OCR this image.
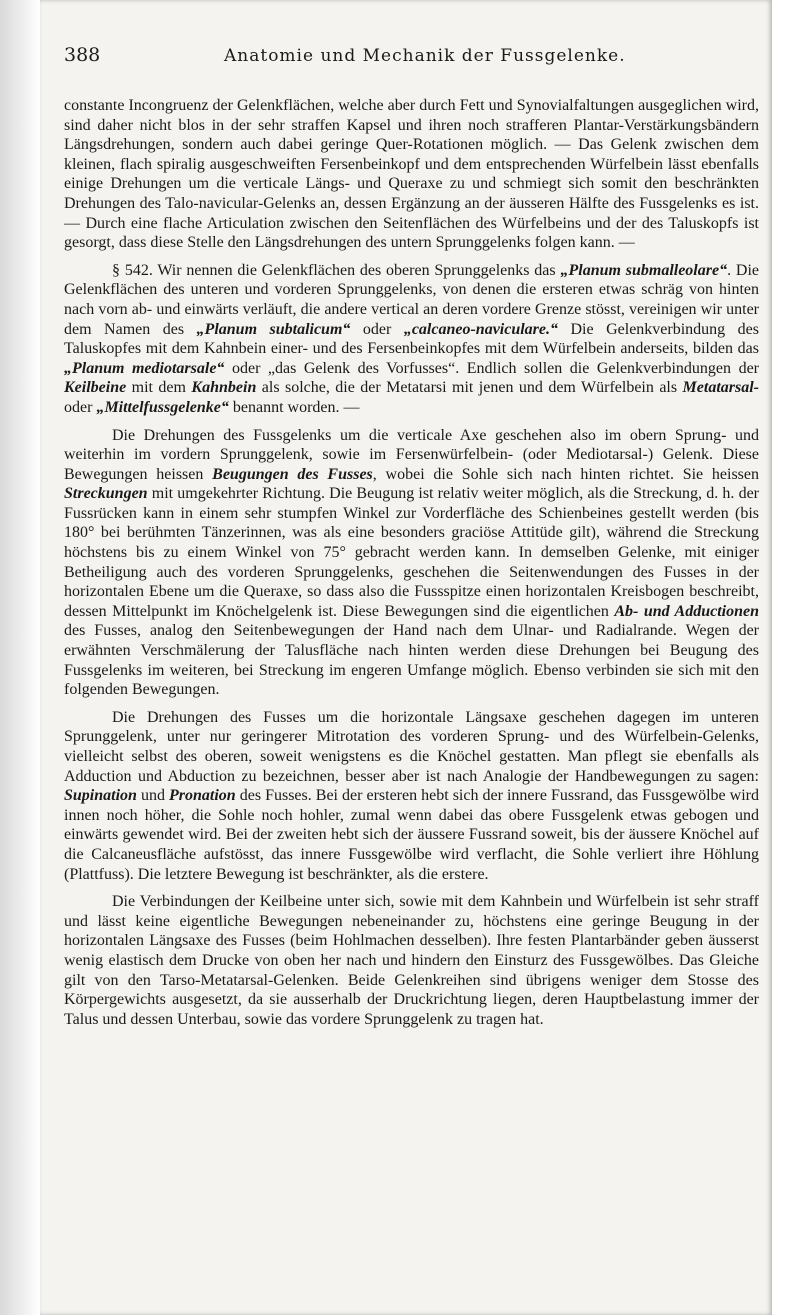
388	Anatomie und Mechanik der Fussgelenke.

constante Incongruenz der Gelenkflächen, welche aber durch Fett und Synovialfaltungen ausgeglichen wird, sind daher nicht blos in der sehr straffen Kapsel und ihren noch strafferen Plantar-Verstärkungsbändern Längsdrehungen, sondern auch dabei geringe Quer-Rotationen möglich. — Das Gelenk zwischen dem kleinen, flach spiralig ausgeschweiften Fersenbeinkopf und dem entsprechenden Würfelbein lässt ebenfalls einige Drehungen um die verticale Längs- und Queraxe zu und schmiegt sich somit den beschränkten Drehungen des Talo-navicular-Gelenks an, dessen Ergänzung an der äusseren Hälfte des Fussgelenks es ist. — Durch eine flache Articulation zwischen den Seitenflächen des Würfelbeins und der des Taluskopfs ist gesorgt, dass diese Stelle den Längsdrehungen des untern Sprunggelenks folgen kann. —

§ 542. Wir nennen die Gelenkflächen des oberen Sprunggelenks das „Planum submalleolare“. Die Gelenkflächen des unteren und vorderen Sprunggelenks, von denen die ersteren etwas schräg von hinten nach vorn ab- und einwärts verläuft, die andere vertical an deren vordere Grenze stösst, vereinigen wir unter dem Namen des „Planum subtalicum“ oder „calcaneo-naviculare.“ Die Gelenkverbindung des Taluskopfes mit dem Kahnbein einer- und des Fersenbeinkopfes mit dem Würfelbein anderseits, bilden das „Planum mediotarsale“ oder „das Gelenk des Vorfusses“. Endlich sollen die Gelenkverbindungen der Keilbeine mit dem Kahnbein als solche, die der Metatarsi mit jenen und dem Würfelbein als Metatarsal- oder „Mittelfussgelenke“ benannt worden. —

Die Drehungen des Fussgelenks um die verticale Axe geschehen also im obern Sprung- und weiterhin im vordern Sprunggelenk, sowie im Fersenwürfelbein- (oder Mediotarsal-) Gelenk. Diese Bewegungen heissen Beugungen des Fusses, wobei die Sohle sich nach hinten richtet. Sie heissen Streckungen mit umgekehrter Richtung. Die Beugung ist relativ weiter möglich, als die Streckung, d. h. der Fussrücken kann in einem sehr stumpfen Winkel zur Vorderfläche des Schienbeines gestellt werden (bis 180° bei berühmten Tänzerinnen, was als eine besonders graciöse Attitüde gilt), während die Streckung höchstens bis zu einem Winkel von 75° gebracht werden kann. In demselben Gelenke, mit einiger Betheiligung auch des vorderen Sprunggelenks, geschehen die Seitenwendungen des Fusses in der horizontalen Ebene um die Queraxe, so dass also die Fussspitze einen horizontalen Kreisbogen beschreibt, dessen Mittelpunkt im Knöchelgelenk ist. Diese Bewegungen sind die eigentlichen Ab- und Adductionen des Fusses, analog den Seitenbewegungen der Hand nach dem Ulnar- und Radialrande. Wegen der erwähnten Verschmälerung der Talusfläche nach hinten werden diese Drehungen bei Beugung des Fussgelenks im weiteren, bei Streckung im engeren Umfange möglich. Ebenso verbinden sie sich mit den folgenden Bewegungen.

Die Drehungen des Fusses um die horizontale Längsaxe geschehen dagegen im unteren Sprunggelenk, unter nur geringerer Mitrotation des vorderen Sprung- und des Würfelbein-Gelenks, vielleicht selbst des oberen, soweit wenigstens es die Knöchel gestatten. Man pflegt sie ebenfalls als Adduction und Abduction zu bezeichnen, besser aber ist nach Analogie der Handbewegungen zu sagen: Supination und Pronation des Fusses. Bei der ersteren hebt sich der innere Fussrand, das Fussgewölbe wird innen noch höher, die Sohle noch hohler, zumal wenn dabei das obere Fussgelenk etwas gebogen und einwärts gewendet wird. Bei der zweiten hebt sich der äussere Fussrand soweit, bis der äussere Knöchel auf die Calcaneusfläche aufstösst, das innere Fussgewölbe wird verflacht, die Sohle verliert ihre Höhlung (Plattfuss). Die letztere Bewegung ist beschränkter, als die erstere.

Die Verbindungen der Keilbeine unter sich, sowie mit dem Kahnbein und Würfelbein ist sehr straff und lässt keine eigentliche Bewegungen nebeneinander zu, höchstens eine geringe Beugung in der horizontalen Längsaxe des Fusses (beim Hohlmachen desselben). Ihre festen Plantarbänder geben äusserst wenig elastisch dem Drucke von oben her nach und hindern den Einsturz des Fussgewölbes. Das Gleiche gilt von den Tarso-Metatarsal-Gelenken. Beide Gelenkreihen sind übrigens weniger dem Stosse des Körpergewichts ausgesetzt, da sie ausserhalb der Druckrichtung liegen, deren Hauptbelastung immer der Talus und dessen Unterbau, sowie das vordere Sprunggelenk zu tragen hat.
